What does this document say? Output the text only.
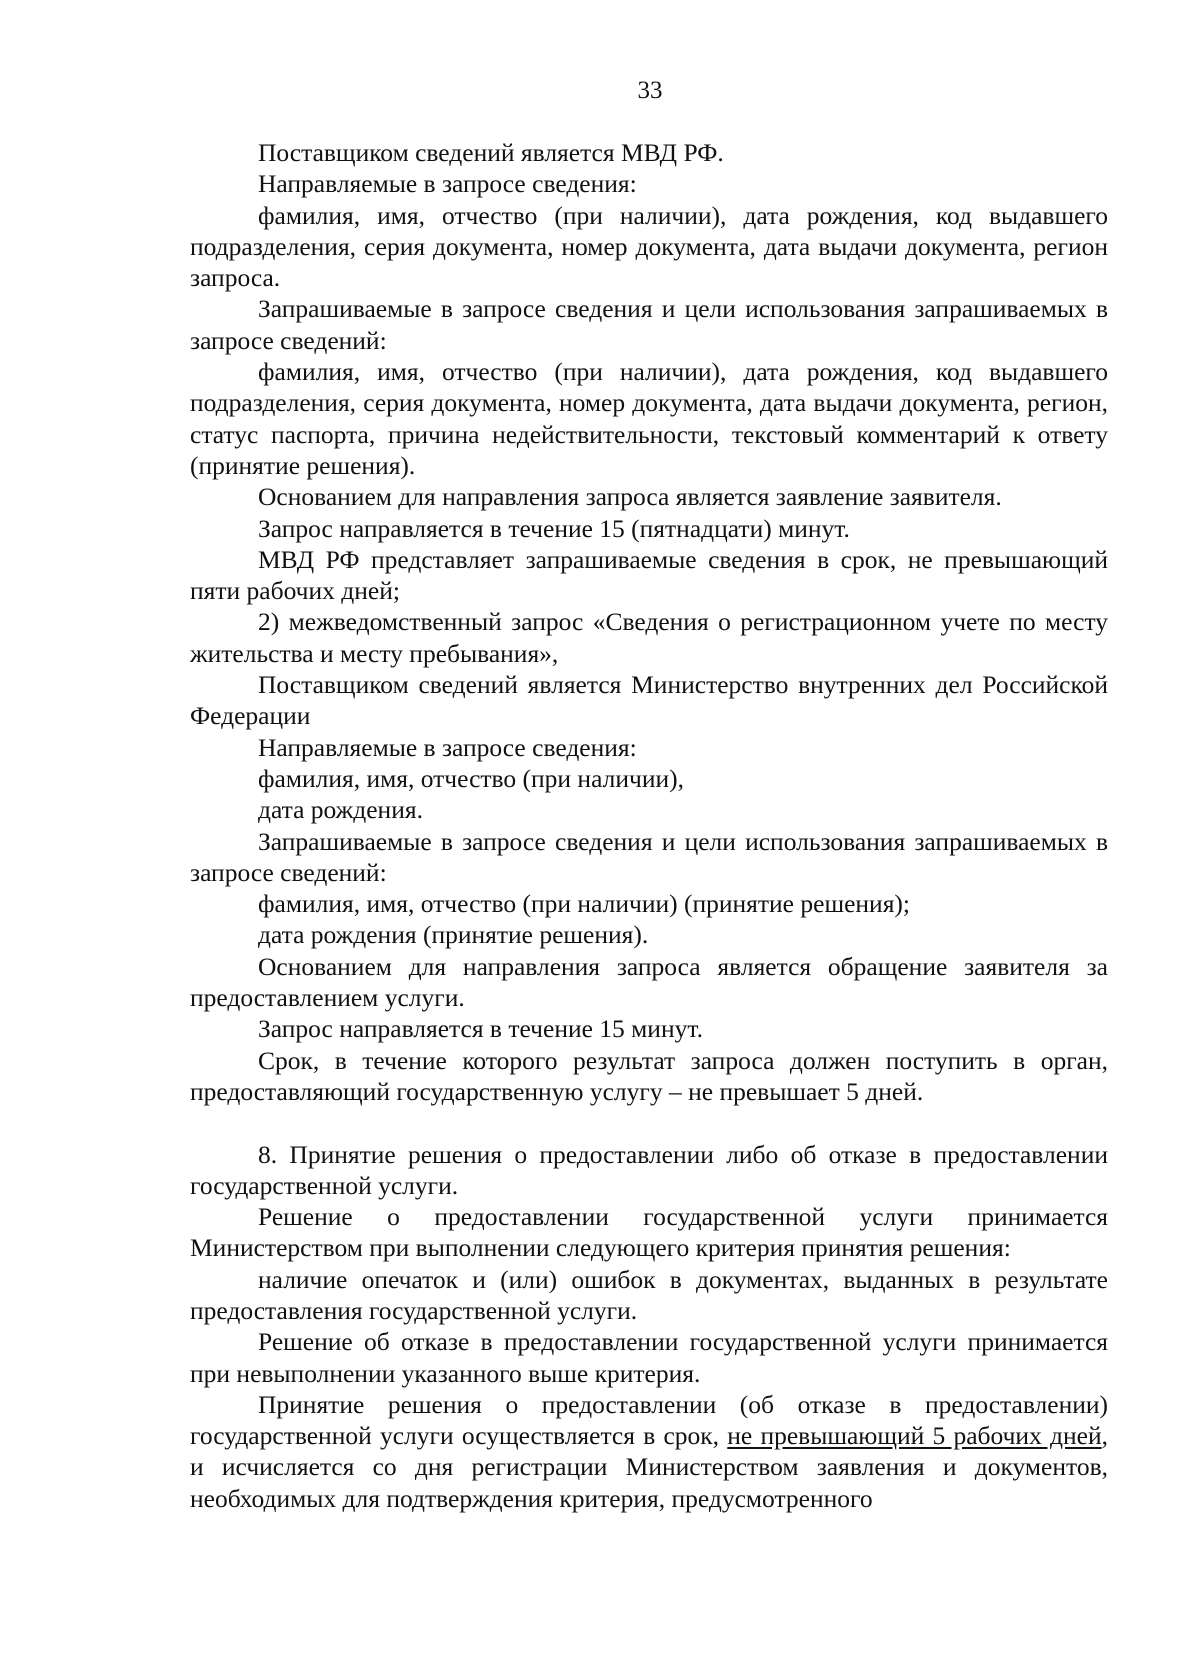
33

Поставщиком сведений является МВД РФ.

Направляемые в запросе сведения:

фамилия, имя, отчество (при наличии), дата рождения, код выдавшего подразделения, серия документа, номер документа, дата выдачи документа, регион запроса.

Запрашиваемые в запросе сведения и цели использования запрашиваемых в запросе сведений:

фамилия, имя, отчество (при наличии), дата рождения, код выдавшего подразделения, серия документа, номер документа, дата выдачи документа, регион, статус паспорта, причина недействительности, текстовый комментарий к ответу (принятие решения).

Основанием для направления запроса является заявление заявителя.

Запрос направляется в течение 15 (пятнадцати) минут.

МВД РФ представляет запрашиваемые сведения в срок, не превышающий пяти рабочих дней;

2) межведомственный запрос «Сведения о регистрационном учете по месту жительства и месту пребывания»,

Поставщиком сведений является Министерство внутренних дел Российской Федерации

Направляемые в запросе сведения:

фамилия, имя, отчество (при наличии),

дата рождения.

Запрашиваемые в запросе сведения и цели использования запрашиваемых в запросе сведений:

фамилия, имя, отчество (при наличии) (принятие решения);

дата рождения (принятие решения).

Основанием для направления запроса является обращение заявителя за предоставлением услуги.

Запрос направляется в течение 15 минут.

Срок, в течение которого результат запроса должен поступить в орган, предоставляющий государственную услугу – не превышает 5 дней.

8. Принятие решения о предоставлении либо об отказе в предоставлении государственной услуги.

Решение о предоставлении государственной услуги принимается Министерством при выполнении следующего критерия принятия решения:

наличие опечаток и (или) ошибок в документах, выданных в результате предоставления государственной услуги.

Решение об отказе в предоставлении государственной услуги принимается при невыполнении указанного выше критерия.

Принятие решения о предоставлении (об отказе в предоставлении) государственной услуги осуществляется в срок, не превышающий 5 рабочих дней, и исчисляется со дня регистрации Министерством заявления и документов, необходимых для подтверждения критерия, предусмотренного
